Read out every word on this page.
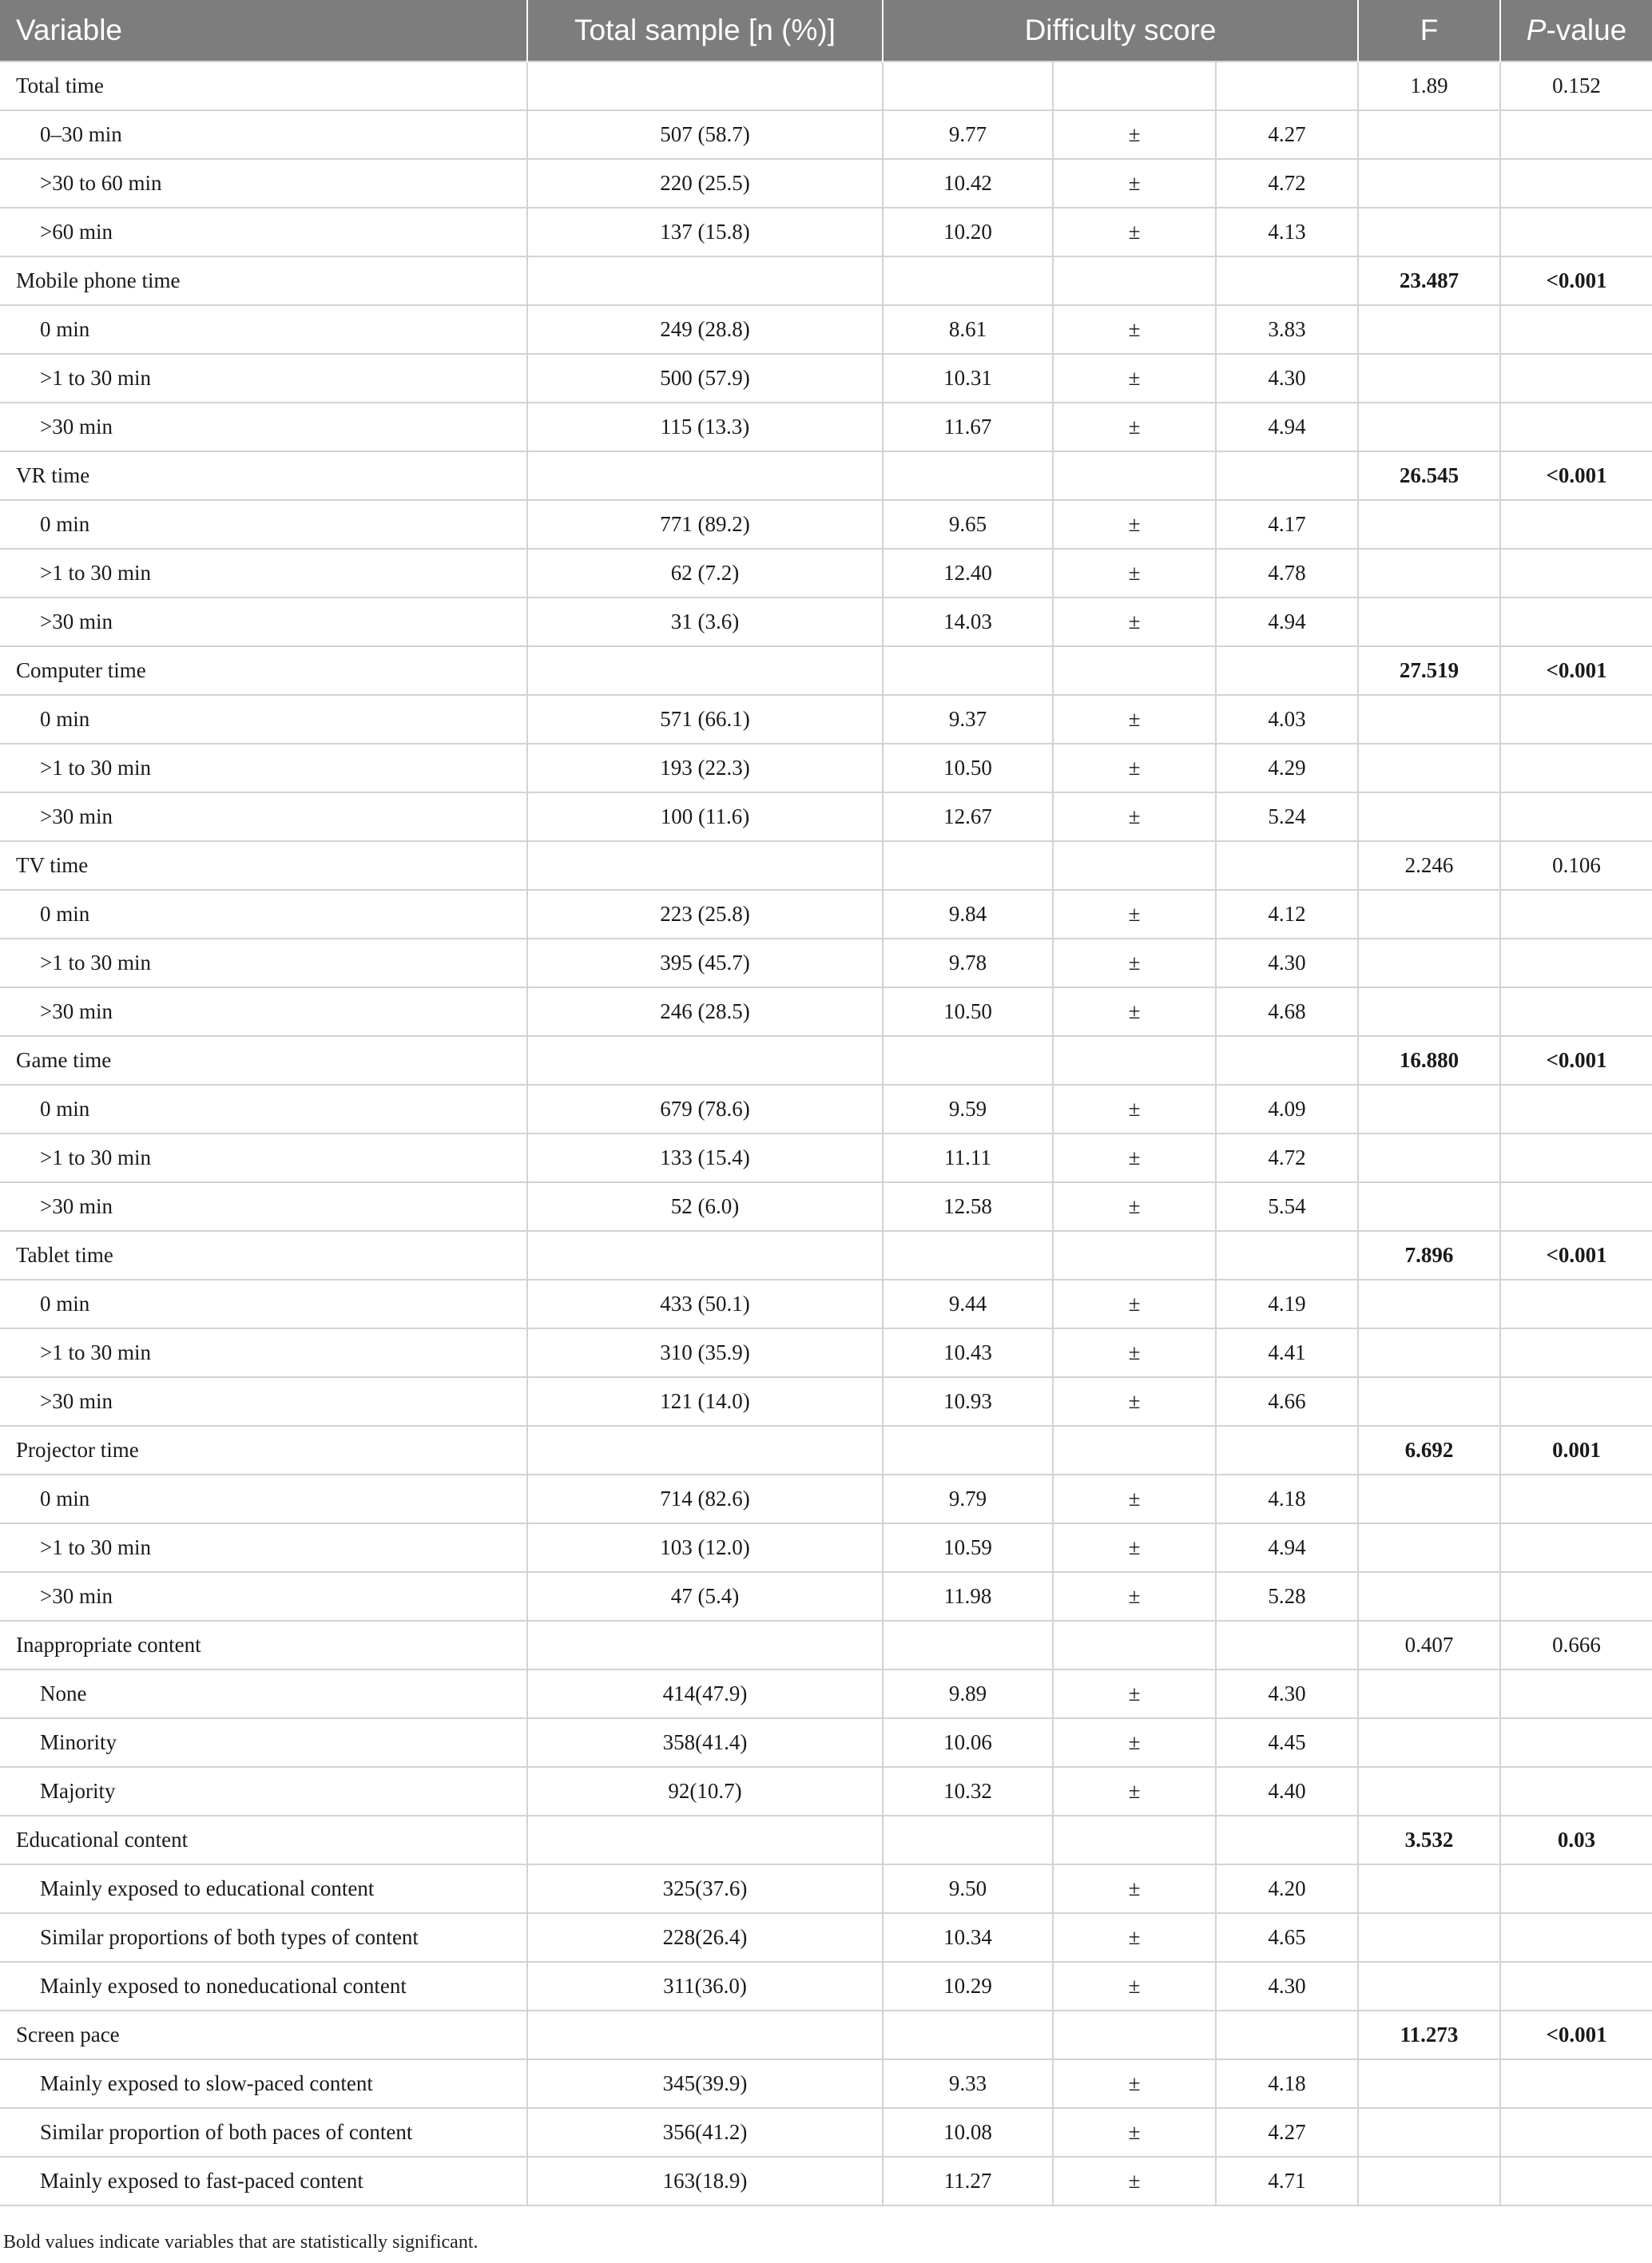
Variable	Total sample [n (%)]	Difficulty score			F	P-value
Total time					1.89	0.152
0–30 min	507 (58.7)	9.77	±	4.27		
>30 to 60 min	220 (25.5)	10.42	±	4.72		
>60 min	137 (15.8)	10.20	±	4.13		
Mobile phone time					23.487	<0.001
0 min	249 (28.8)	8.61	±	3.83		
>1 to 30 min	500 (57.9)	10.31	±	4.30		
>30 min	115 (13.3)	11.67	±	4.94		
VR time					26.545	<0.001
0 min	771 (89.2)	9.65	±	4.17		
>1 to 30 min	62 (7.2)	12.40	±	4.78		
>30 min	31 (3.6)	14.03	±	4.94		
Computer time					27.519	<0.001
0 min	571 (66.1)	9.37	±	4.03		
>1 to 30 min	193 (22.3)	10.50	±	4.29		
>30 min	100 (11.6)	12.67	±	5.24		
TV time					2.246	0.106
0 min	223 (25.8)	9.84	±	4.12		
>1 to 30 min	395 (45.7)	9.78	±	4.30		
>30 min	246 (28.5)	10.50	±	4.68		
Game time					16.880	<0.001
0 min	679 (78.6)	9.59	±	4.09		
>1 to 30 min	133 (15.4)	11.11	±	4.72		
>30 min	52 (6.0)	12.58	±	5.54		
Tablet time					7.896	<0.001
0 min	433 (50.1)	9.44	±	4.19		
>1 to 30 min	310 (35.9)	10.43	±	4.41		
>30 min	121 (14.0)	10.93	±	4.66		
Projector time					6.692	0.001
0 min	714 (82.6)	9.79	±	4.18		
>1 to 30 min	103 (12.0)	10.59	±	4.94		
>30 min	47 (5.4)	11.98	±	5.28		
Inappropriate content					0.407	0.666
None	414(47.9)	9.89	±	4.30		
Minority	358(41.4)	10.06	±	4.45		
Majority	92(10.7)	10.32	±	4.40		
Educational content					3.532	0.03
Mainly exposed to educational content	325(37.6)	9.50	±	4.20		
Similar proportions of both types of content	228(26.4)	10.34	±	4.65		
Mainly exposed to noneducational content	311(36.0)	10.29	±	4.30		
Screen pace					11.273	<0.001
Mainly exposed to slow-paced content	345(39.9)	9.33	±	4.18		
Similar proportion of both paces of content	356(41.2)	10.08	±	4.27		
Mainly exposed to fast-paced content	163(18.9)	11.27	±	4.71		
Bold values indicate variables that are statistically significant.
